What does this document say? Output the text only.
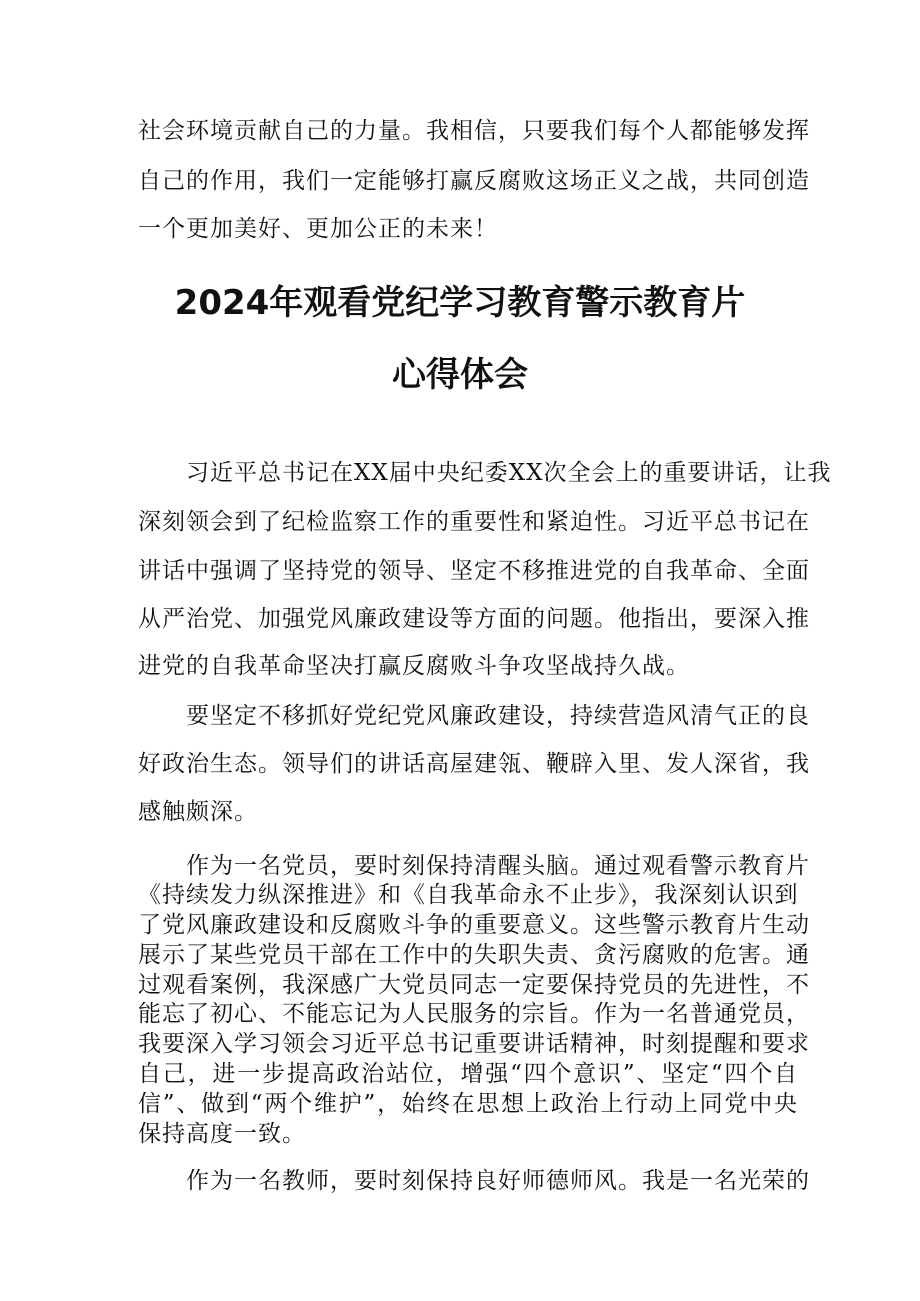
社会环境贡献自己的力量。我相信，只要我们每个人都能够发挥
自己的作用，我们一定能够打赢反腐败这场正义之战，共同创造
一个更加美好、更加公正的未来！
2024年观看党纪学习教育警示教育片
心得体会
　　习近平总书记在XX届中央纪委XX次全会上的重要讲话，让我
深刻领会到了纪检监察工作的重要性和紧迫性。习近平总书记在
讲话中强调了坚持党的领导、坚定不移推进党的自我革命、全面
从严治党、加强党风廉政建设等方面的问题。他指出，要深入推
进党的自我革命坚决打赢反腐败斗争攻坚战持久战。
　　要坚定不移抓好党纪党风廉政建设，持续营造风清气正的良
好政治生态。领导们的讲话高屋建瓴、鞭辟入里、发人深省，我
感触颇深。
　　作为一名党员，要时刻保持清醒头脑。通过观看警示教育片
《持续发力纵深推进》和《自我革命永不止步》，我深刻认识到
了党风廉政建设和反腐败斗争的重要意义。这些警示教育片生动
展示了某些党员干部在工作中的失职失责、贪污腐败的危害。通
过观看案例，我深感广大党员同志一定要保持党员的先进性，不
能忘了初心、不能忘记为人民服务的宗旨。作为一名普通党员，
我要深入学习领会习近平总书记重要讲话精神，时刻提醒和要求
自己，进一步提高政治站位，增强“四个意识”、坚定“四个自
信”、做到“两个维护”，始终在思想上政治上行动上同党中央
保持高度一致。
　　作为一名教师，要时刻保持良好师德师风。我是一名光荣的
